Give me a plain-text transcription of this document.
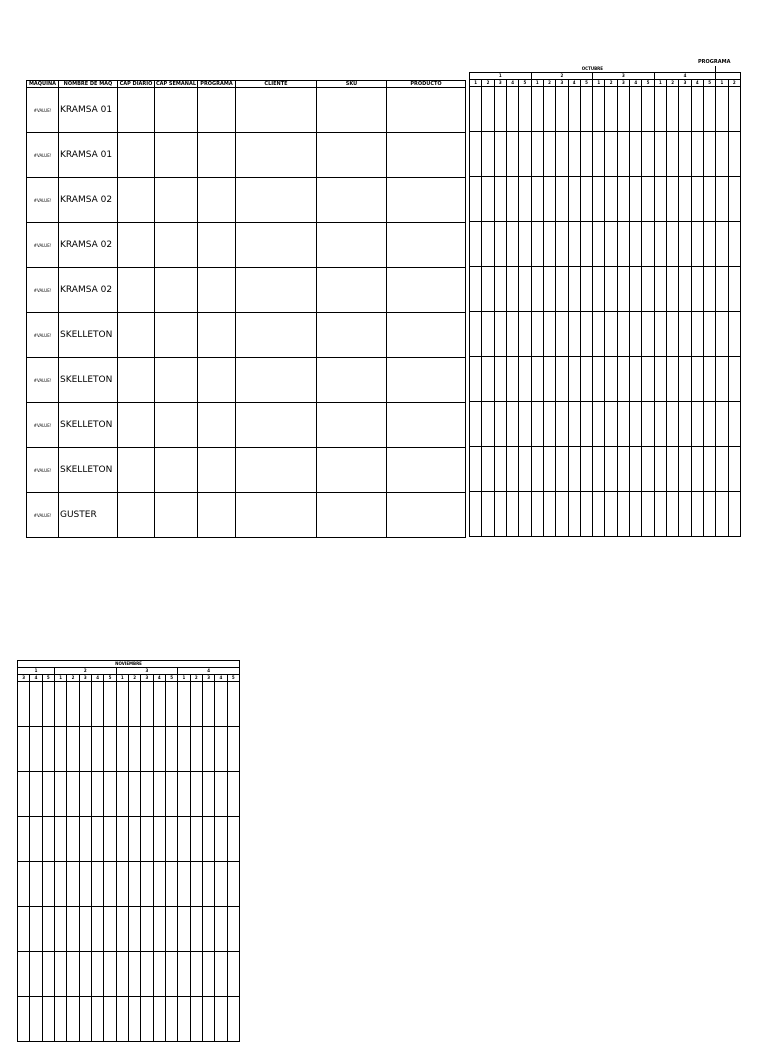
MAQUINA	NOMBRE DE MAQ	CAP DIARIO	CAP SEMANAL	PROGRAMA	CLIENTE	SKU	PRODUCTO
#VALUE!	KRAMSA 01						
#VALUE!	KRAMSA 01						
#VALUE!	KRAMSA 02						
#VALUE!	KRAMSA 02						
#VALUE!	KRAMSA 02						
#VALUE!	SKELLETON						
#VALUE!	SKELLETON						
#VALUE!	SKELLETON						
#VALUE!	SKELLETON						
#VALUE!	GUSTER						
PROGRAMA
OCTUBRE																					
1					2					3					4						
1	2	3	4	5	1	2	3	4	5	1	2	3	4	5	1	2	3	4	5	1	2

NOVIEMBRE																	
1			2					3					4				
3	4	5	1	2	3	4	5	1	2	3	4	5	1	2	3	4	5
